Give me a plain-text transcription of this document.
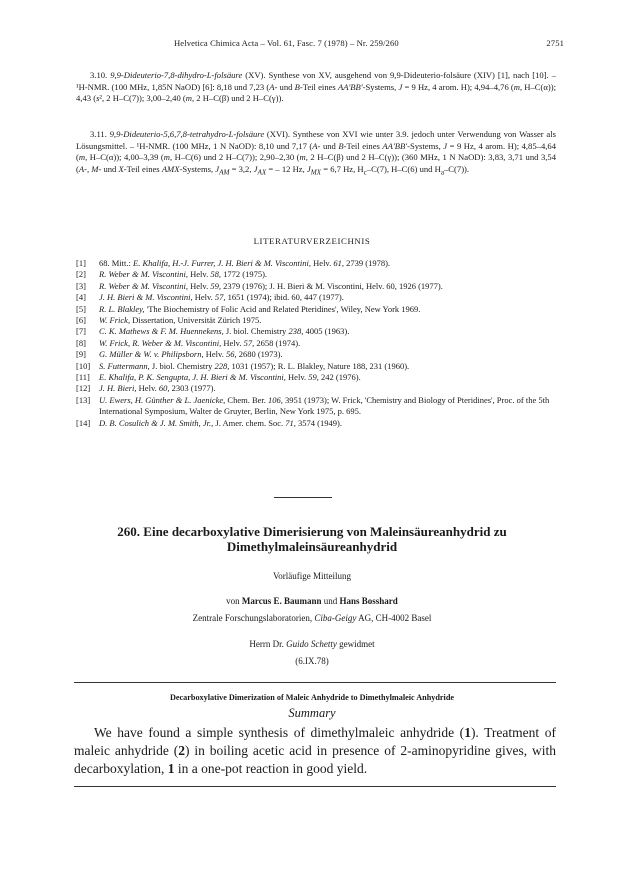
Helvetica Chimica Acta – Vol. 61, Fasc. 7 (1978) – Nr. 259/260	2751
3.10. 9,9-Dideuterio-7,8-dihydro-L-folsäure (XV). Synthese von XV, ausgehend von 9,9-Dideuterio-folsäure (XIV) [1], nach [10]. – ¹H-NMR. (100 MHz, 1,85N NaOD) [6]: 8,18 und 7,23 (A- und B-Teil eines AA'BB'-Systems, J = 9 Hz, 4 arom. H); 4,94–4,76 (m, H–C(α)); 4,43 (s², 2 H–C(7)); 3,00–2,40 (m, 2 H–C(β) und 2 H–C(γ)).
3.11. 9,9-Dideuterio-5,6,7,8-tetrahydro-L-folsäure (XVI). Synthese von XVI wie unter 3.9. jedoch unter Verwendung von Wasser als Lösungsmittel. – ¹H-NMR. (100 MHz, 1 N NaOD): 8,10 und 7,17 (A- und B-Teil eines AA'BB'-Systems, J = 9 Hz, 4 arom. H); 4,85–4,64 (m, H–C(α)); 4,00–3,39 (m, H–C(6) und 2 H–C(7)); 2,90–2,30 (m, 2 H–C(β) und 2 H–C(γ)); (360 MHz, 1 N NaOD): 3,83, 3,71 und 3,54 (A-, M- und X-Teil eines AMX-Systems, $J_{AM} = 3,2$, $J_{AX}$ = – 12 Hz, $J_{MX} = 6,7$ Hz, $H_c-C(7)$, H–C(6) und $H_a-C(7)$).
LITERATURVERZEICHNIS
[1] 68. Mitt.: E. Khalifa, H.-J. Furrer, J. H. Bieri & M. Viscontini, Helv. 61, 2739 (1978).
[2] R. Weber & M. Viscontini, Helv. 58, 1772 (1975).
[3] R. Weber & M. Viscontini, Helv. 59, 2379 (1976); J. H. Bieri & M. Viscontini, Helv. 60, 1926 (1977).
[4] J. H. Bieri & M. Viscontini, Helv. 57, 1651 (1974); ibid. 60, 447 (1977).
[5] R. L. Blakley, 'The Biochemistry of Folic Acid and Related Pteridines', Wiley, New York 1969.
[6] W. Frick, Dissertation, Universität Zürich 1975.
[7] C. K. Mathews & F. M. Huennekens, J. biol. Chemistry 238, 4005 (1963).
[8] W. Frick, R. Weber & M. Viscontini, Helv. 57, 2658 (1974).
[9] G. Müller & W. v. Philipsborn, Helv. 56, 2680 (1973).
[10] S. Futtermann, J. biol. Chemistry 228, 1031 (1957); R. L. Blakley, Nature 188, 231 (1960).
[11] E. Khalifa, P. K. Sengupta, J. H. Bieri & M. Viscontini, Helv. 59, 242 (1976).
[12] J. H. Bieri, Helv. 60, 2303 (1977).
[13] U. Ewers, H. Günther & L. Jaenicke, Chem. Ber. 106, 3951 (1973); W. Frick, 'Chemistry and Biology of Pteridines', Proc. of the 5th International Symposium, Walter de Gruyter, Berlin, New York 1975, p. 695.
[14] D. B. Cosulich & J. M. Smith, Jr., J. Amer. chem. Soc. 71, 3574 (1949).
260. Eine decarboxylative Dimerisierung von Maleinsäureanhydrid zu
Dimethylmaleinsäureanhydrid
Vorläufige Mitteilung
von Marcus E. Baumann und Hans Bosshard
Zentrale Forschungslaboratorien, Ciba-Geigy AG, CH-4002 Basel
Herrn Dr. Guido Schetty gewidmet
(6.IX.78)
Decarboxylative Dimerization of Maleic Anhydride to Dimethylmaleic Anhydride
Summary
We have found a simple synthesis of dimethylmaleic anhydride (1). Treatment of maleic anhydride (2) in boiling acetic acid in presence of 2-aminopyridine gives, with decarboxylation, 1 in a one-pot reaction in good yield.
